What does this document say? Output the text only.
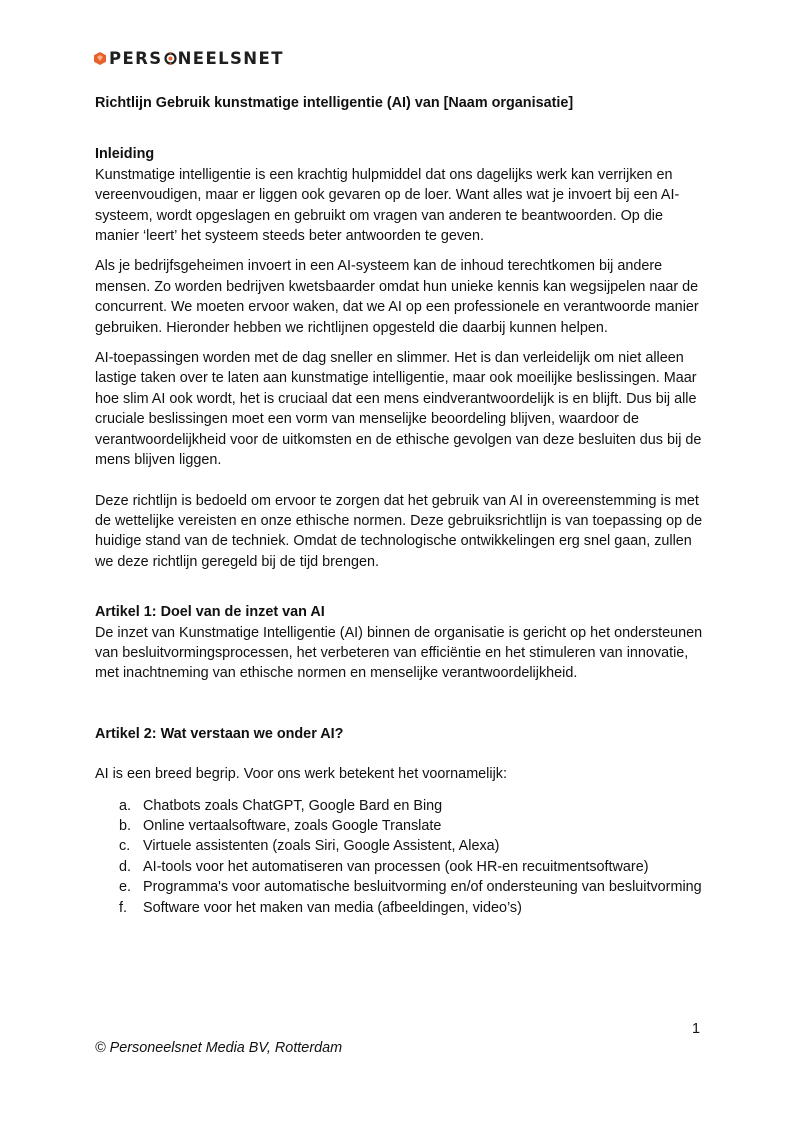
PERS NEELSNET
Richtlijn Gebruik kunstmatige intelligentie (AI) van [Naam organisatie]
Inleiding

Kunstmatige intelligentie is een krachtig hulpmiddel dat ons dagelijks werk kan verrijken en vereenvoudigen, maar er liggen ook gevaren op de loer. Want alles wat je invoert bij een AI-systeem, wordt opgeslagen en gebruikt om vragen van anderen te beantwoorden. Op die manier ‘leert’ het systeem steeds beter antwoorden te geven.

Als je bedrijfsgeheimen invoert in een AI-systeem kan de inhoud terechtkomen bij andere mensen. Zo worden bedrijven kwetsbaarder omdat hun unieke kennis kan wegsijpelen naar de concurrent. We moeten ervoor waken, dat we AI op een professionele en verantwoorde manier gebruiken. Hieronder hebben we richtlijnen opgesteld die daarbij kunnen helpen.

AI-toepassingen worden met de dag sneller en slimmer. Het is dan verleidelijk om niet alleen lastige taken over te laten aan kunstmatige intelligentie, maar ook moeilijke beslissingen. Maar hoe slim AI ook wordt, het is cruciaal dat een mens eindverantwoordelijk is en blijft. Dus bij alle cruciale beslissingen moet een vorm van menselijke beoordeling blijven, waardoor de verantwoordelijkheid voor de uitkomsten en de ethische gevolgen van deze besluiten dus bij de mens blijven liggen.

Deze richtlijn is bedoeld om ervoor te zorgen dat het gebruik van AI in overeenstemming is met de wettelijke vereisten en onze ethische normen. Deze gebruiksrichtlijn is van toepassing op de huidige stand van de techniek. Omdat de technologische ontwikkelingen erg snel gaan, zullen we deze richtlijn geregeld bij de tijd brengen.

Artikel 1: Doel van de inzet van AI

De inzet van Kunstmatige Intelligentie (AI) binnen de organisatie is gericht op het ondersteunen van besluitvormingsprocessen, het verbeteren van efficiëntie en het stimuleren van innovatie, met inachtneming van ethische normen en menselijke verantwoordelijkheid.

Artikel 2: Wat verstaan we onder AI?

AI is een breed begrip. Voor ons werk betekent het voornamelijk:

a. Chatbots zoals ChatGPT, Google Bard en Bing
b. Online vertaalsoftware, zoals Google Translate
c. Virtuele assistenten (zoals Siri, Google Assistent, Alexa)
d. AI-tools voor het automatiseren van processen (ook HR-en recuitmentsoftware)
e. Programma's voor automatische besluitvorming en/of ondersteuning van besluitvorming
f. Software voor het maken van media (afbeeldingen, video’s)
1
© Personeelsnet Media BV, Rotterdam
